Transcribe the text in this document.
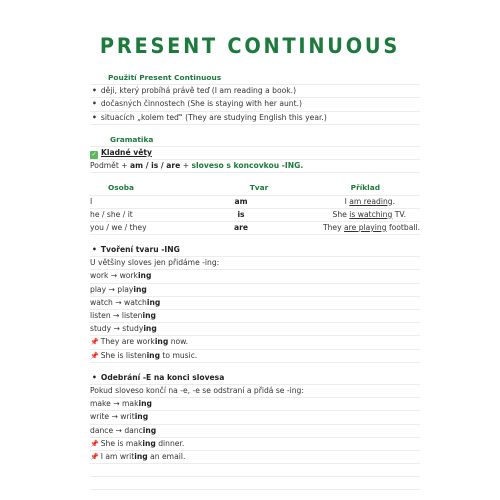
PRESENT CONTINUOUS
Použití Present Continuous
• ději, který probíhá právě teď (I am reading a book.)
• dočasných činnostech (She is staying with her aunt.)
• situacích „kolem teď“ (They are studying English this year.)
Gramatika
✓ Kladné věty
Podmět + am / is / are + sloveso s koncovkou -ING.
Osoba	Tvar	Příklad
I	am	I am reading.
he / she / it	is	She is watching TV.
you / we / they	are	They are playing football.
• Tvoření tvaru -ING
U většiny sloves jen přidáme -ing:
work → working
play → playing
watch → watching
listen → listening
study → studying
📌 They are working now.
📌 She is listening to music.
• Odebrání -E na konci slovesa
Pokud sloveso končí na -e, -e se odstraní a přidá se -ing:
make → making
write → writing
dance → dancing
📌 She is making dinner.
📌 I am writing an email.
